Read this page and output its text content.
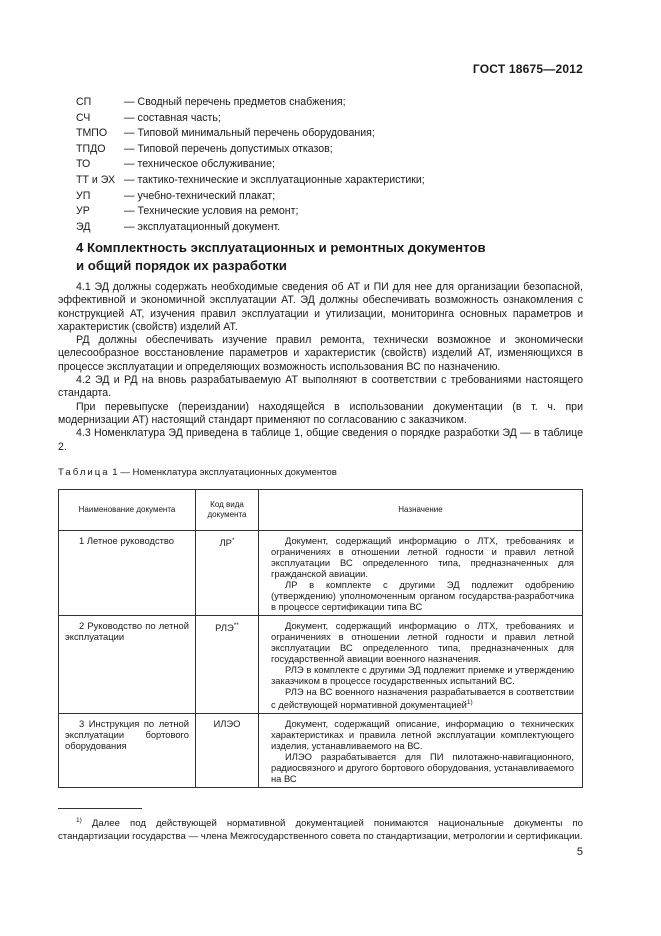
ГОСТ 18675—2012
СП	— Сводный перечень предметов снабжения;
СЧ	— составная часть;
ТМПО	— Типовой минимальный перечень оборудования;
ТПДО	— Типовой перечень допустимых отказов;
ТО	— техническое обслуживание;
ТТ и ЭХ — тактико-технические и эксплуатационные характеристики;
УП	— учебно-технический плакат;
УР	— Технические условия на ремонт;
ЭД	— эксплуатационный документ.
4 Комплектность эксплуатационных и ремонтных документов
и общий порядок их разработки

4.1 ЭД должны содержать необходимые сведения об АТ и ПИ для нее для организации безопасной, эффективной и экономичной эксплуатации АТ. ЭД должны обеспечивать возможность ознакомления с конструкцией АТ, изучения правил эксплуатации и утилизации, мониторинга основных параметров и характеристик (свойств) изделий АТ.

РД должны обеспечивать изучение правил ремонта, технически возможное и экономически целесообразное восстановление параметров и характеристик (свойств) изделий АТ, изменяющихся в процессе эксплуатации и определяющих возможность использования ВС по назначению.

4.2 ЭД и РД на вновь разрабатываемую АТ выполняют в соответствии с требованиями настоящего стандарта.

При перевыпуске (переиздании) находящейся в использовании документации (в т. ч. при модернизации АТ) настоящий стандарт применяют по согласованию с заказчиком.

4.3 Номенклатура ЭД приведена в таблице 1, общие сведения о порядке разработки ЭД — в таблице 2.

Таблица 1 — Номенклатура эксплуатационных документов
Наименование документа	Код вида документа	Назначение

1 Летное руководство	ЛР*	Документ, содержащий информацию о ЛТХ, требованиях и ограничениях в отношении летной годности и правил летной эксплуатации ВС определенного типа, предназначенных для гражданской авиации.

ЛР в комплекте с другими ЭД подлежит одобрению (утверждению) уполномоченным органом государства-разработчика в процессе сертификации типа ВС

2 Руководство по летной эксплуатации	РЛЭ**	Документ, содержащий информацию о ЛТХ, требованиях и ограничениях в отношении летной годности и правил летной эксплуатации ВС определенного типа, предназначенных для государственной авиации военного назначения.

РЛЭ в комплекте с другими ЭД подлежит приемке и утверждению заказчиком в процессе государственных испытаний ВС.

РЛЭ на ВС военного назначения разрабатывается в соответствии с действующей нормативной документацией$^{1)}$

3 Инструкция по летной эксплуатации бортового оборудования	ИЛЭО	Документ, содержащий описание, информацию о технических характеристиках и правила летной эксплуатации комплектующего изделия, устанавливаемого на ВС.

ИЛЭО разрабатывается для ПИ пилотажно-навигационного, радиосвязного и другого бортового оборудования, устанавливаемого на ВС

$^{1)}$ Далее под действующей нормативной документацией понимаются национальные документы по стандартизации государства — члена Межгосударственного совета по стандартизации, метрологии и сертификации.

5
